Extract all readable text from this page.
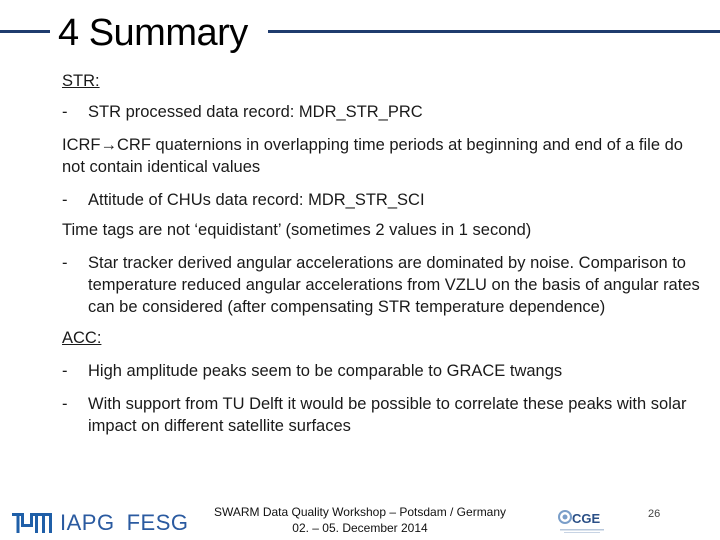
4 Summary

STR:

-	STR processed data record: MDR_STR_PRC

ICRF→CRF quaternions in overlapping time periods at beginning and end of a file do not contain identical values

-	Attitude of CHUs data record: MDR_STR_SCI

Time tags are not ‘equidistant’ (sometimes 2 values in 1 second)

-	Star tracker derived angular accelerations are dominated by noise. Comparison to temperature reduced angular accelerations from VZLU on the basis of angular rates can be considered (after compensating STR temperature dependence)

ACC:

-	High amplitude peaks seem to be comparable to GRACE twangs
-	With support from TU Delft it would be possible to correlate these peaks with solar impact on different satellite surfaces
IAPG FESG	SWARM Data Quality Workshop – Potsdam / Germany
02. – 05. December 2014
CGE	26
